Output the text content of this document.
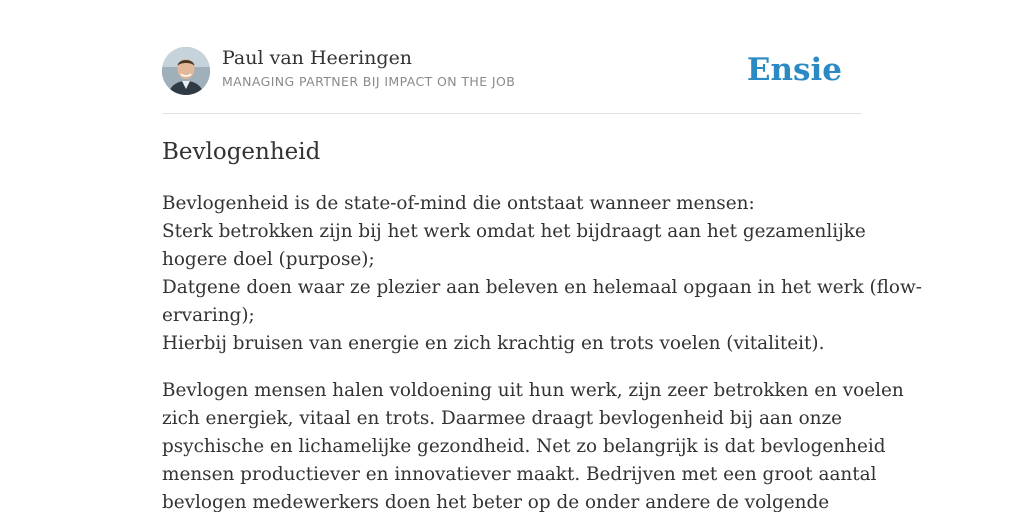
Paul van Heeringen
MANAGING PARTNER BIJ IMPACT ON THE JOB	Ensie
Bevlogenheid

Bevlogenheid is de state-of-mind die ontstaat wanneer mensen:
Sterk betrokken zijn bij het werk omdat het bijdraagt aan het gezamenlijke
hogere doel (purpose);
Datgene doen waar ze plezier aan beleven en helemaal opgaan in het werk (flow-
ervaring);
Hierbij bruisen van energie en zich krachtig en trots voelen (vitaliteit).

Bevlogen mensen halen voldoening uit hun werk, zijn zeer betrokken en voelen
zich energiek, vitaal en trots. Daarmee draagt bevlogenheid bij aan onze
psychische en lichamelijke gezondheid. Net zo belangrijk is dat bevlogenheid
mensen productiever en innovatiever maakt. Bedrijven met een groot aantal
bevlogen medewerkers doen het beter op de onder andere de volgende
